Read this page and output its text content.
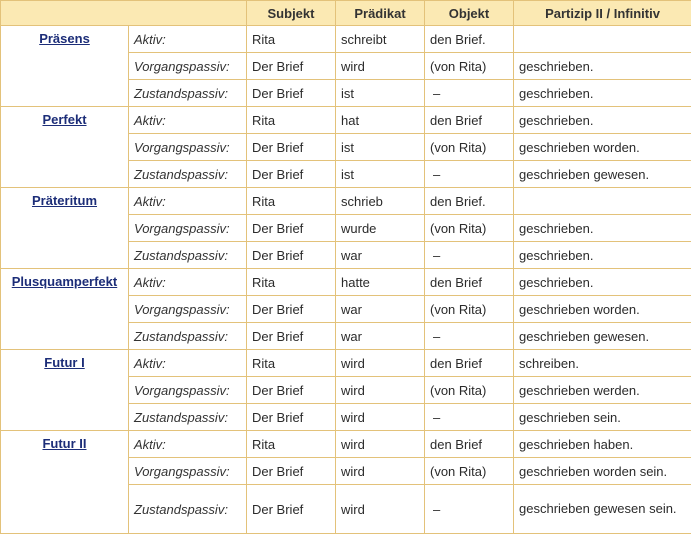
		Subjekt	Prädikat	Objekt	Partizip II / Infinitiv
Präsens	Aktiv:	Rita	schreibt	den Brief.	
	Vorgangspassiv:	Der Brief	wird	(von Rita)	geschrieben.
	Zustandspassiv:	Der Brief	ist	–	geschrieben.
Perfekt	Aktiv:	Rita	hat	den Brief	geschrieben.
	Vorgangspassiv:	Der Brief	ist	(von Rita)	geschrieben worden.
	Zustandspassiv:	Der Brief	ist	–	geschrieben gewesen.
Präteritum	Aktiv:	Rita	schrieb	den Brief.	
	Vorgangspassiv:	Der Brief	wurde	(von Rita)	geschrieben.
	Zustandspassiv:	Der Brief	war	–	geschrieben.
Plusquamperfekt	Aktiv:	Rita	hatte	den Brief	geschrieben.
	Vorgangspassiv:	Der Brief	war	(von Rita)	geschrieben worden.
	Zustandspassiv:	Der Brief	war	–	geschrieben gewesen.
Futur I	Aktiv:	Rita	wird	den Brief	schreiben.
	Vorgangspassiv:	Der Brief	wird	(von Rita)	geschrieben werden.
	Zustandspassiv:	Der Brief	wird	–	geschrieben sein.
Futur II	Aktiv:	Rita	wird	den Brief	geschrieben haben.
	Vorgangspassiv:	Der Brief	wird	(von Rita)	geschrieben worden sein.
	Zustandspassiv:	Der Brief	wird	–	geschrieben gewesen sein.
